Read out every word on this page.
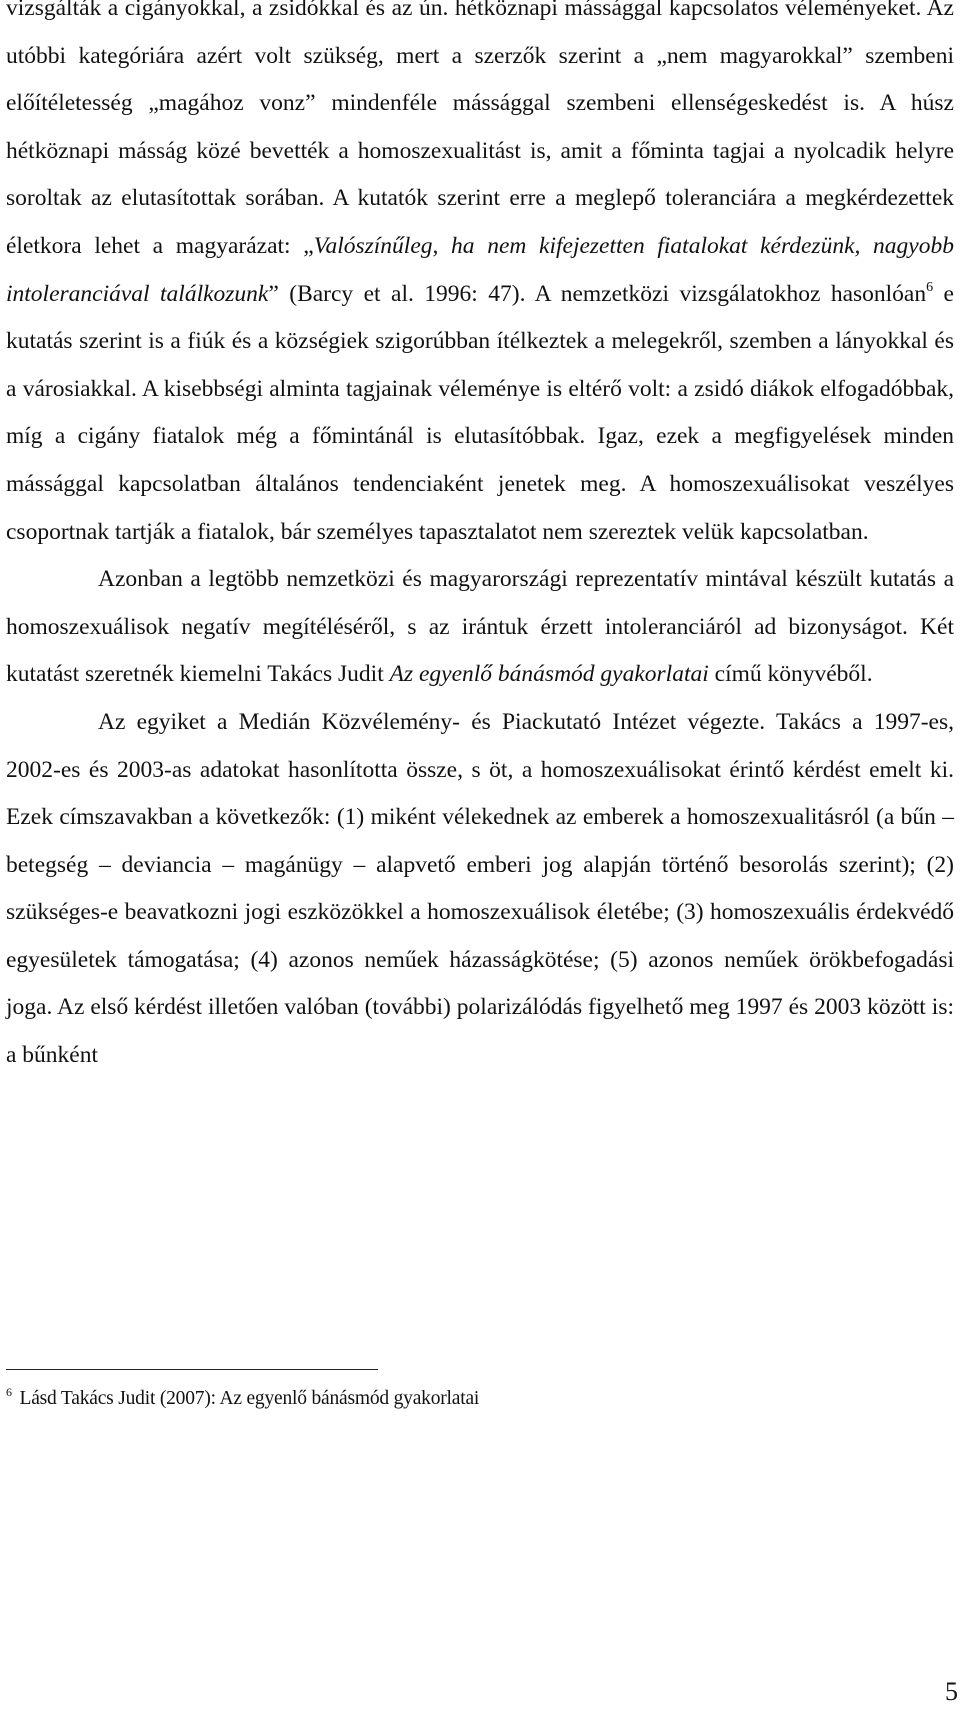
vizsgálták a cigányokkal, a zsidókkal és az ún. hétköznapi mássággal kapcsolatos véleményeket. Az utóbbi kategóriára azért volt szükség, mert a szerzők szerint a „nem magyarokkal” szembeni előítéletesség „magához vonz” mindenféle mássággal szembeni ellenségeskedést is. A húsz hétköznapi másság közé bevették a homoszexualitást is, amit a főminta tagjai a nyolcadik helyre soroltak az elutasítottak sorában. A kutatók szerint erre a meglepő toleranciára a megkérdezettek életkora lehet a magyarázat: „Valószínűleg, ha nem kifejezetten fiatalokat kérdezünk, nagyobb intoleranciával találkozunk” (Barcy et al. 1996: 47). A nemzetközi vizsgálatokhoz hasonlóan$^6$ e kutatás szerint is a fiúk és a községiek szigorúbban ítélkeztek a melegekről, szemben a lányokkal és a városiakkal. A kisebbségi alminta tagjainak véleménye is eltérő volt: a zsidó diákok elfogadóbbak, míg a cigány fiatalok még a főmintánál is elutasítóbbak. Igaz, ezek a megfigyelések minden mássággal kapcsolatban általános tendenciaként jenetek meg. A homoszexuálisokat veszélyes csoportnak tartják a fiatalok, bár személyes tapasztalatot nem szereztek velük kapcsolatban.

Azonban a legtöbb nemzetközi és magyarországi reprezentatív mintával készült kutatás a homoszexuálisok negatív megítéléséről, s az irántuk érzett intoleranciáról ad bizonyságot. Két kutatást szeretnék kiemelni Takács Judit Az egyenlő bánásmód gyakorlatai című könyvéből.

Az egyiket a Medián Közvélemény- és Piackutató Intézet végezte. Takács a 1997-es, 2002-es és 2003-as adatokat hasonlította össze, s öt, a homoszexuálisokat érintő kérdést emelt ki. Ezek címszavakban a következők: (1) miként vélekednek az emberek a homoszexualitásról (a bűn – betegség – deviancia – magánügy – alapvető emberi jog alapján történő besorolás szerint); (2) szükséges-e beavatkozni jogi eszközökkel a homoszexuálisok életébe; (3) homoszexuális érdekvédő egyesületek támogatása; (4) azonos neműek házasságkötése; (5) azonos neműek örökbefogadási joga. Az első kérdést illetően valóban (további) polarizálódás figyelhető meg 1997 és 2003 között is: a bűnként

$^6$ Lásd Takács Judit (2007): Az egyenlő bánásmód gyakorlatai
5
